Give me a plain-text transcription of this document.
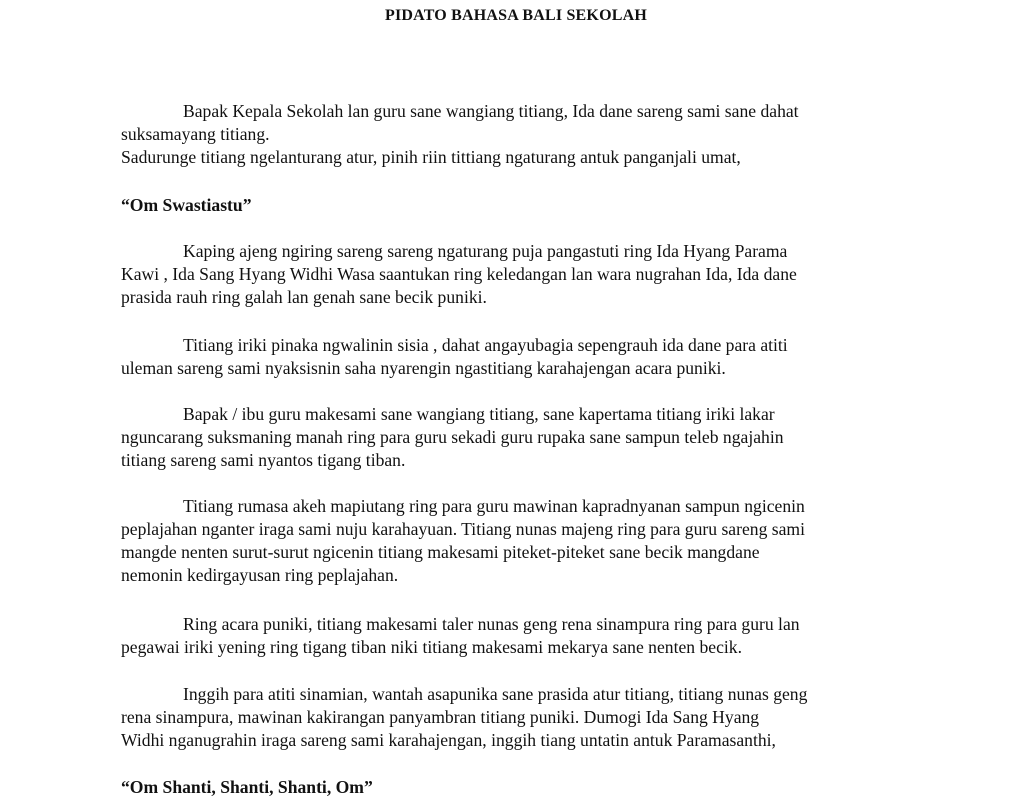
PIDATO BAHASA BALI SEKOLAH
Bapak Kepala Sekolah lan guru sane wangiang titiang, Ida dane sareng sami sane dahat
suksamayang titiang.
Sadurunge titiang ngelanturang atur, pinih riin tittiang ngaturang antuk panganjali umat,
“Om Swastiastu”
Kaping ajeng ngiring sareng sareng ngaturang puja pangastuti ring Ida Hyang Parama
Kawi , Ida Sang Hyang Widhi Wasa saantukan ring keledangan lan wara nugrahan Ida, Ida dane
prasida rauh ring galah lan genah sane becik puniki.
Titiang iriki pinaka ngwalinin sisia , dahat angayubagia sepengrauh ida dane para atiti
uleman sareng sami nyaksisnin saha nyarengin ngastitiang karahajengan acara puniki.
Bapak / ibu guru makesami sane wangiang titiang, sane kapertama titiang iriki lakar
nguncarang suksmaning manah ring para guru sekadi guru rupaka sane sampun teleb ngajahin
titiang sareng sami nyantos tigang tiban.
Titiang rumasa akeh mapiutang ring para guru mawinan kapradnyanan sampun ngicenin
peplajahan nganter iraga sami nuju karahayuan. Titiang nunas majeng ring para guru sareng sami
mangde nenten surut-surut ngicenin titiang makesami piteket-piteket sane becik mangdane
nemonin kedirgayusan ring peplajahan.
Ring acara puniki, titiang makesami taler nunas geng rena sinampura ring para guru lan
pegawai iriki yening ring tigang tiban niki titiang makesami mekarya sane nenten becik.
Inggih para atiti sinamian, wantah asapunika sane prasida atur titiang, titiang nunas geng
rena sinampura, mawinan kakirangan panyambran titiang puniki. Dumogi Ida Sang Hyang
Widhi nganugrahin iraga sareng sami karahajengan, inggih tiang untatin antuk Paramasanthi,
“Om Shanti, Shanti, Shanti, Om”
